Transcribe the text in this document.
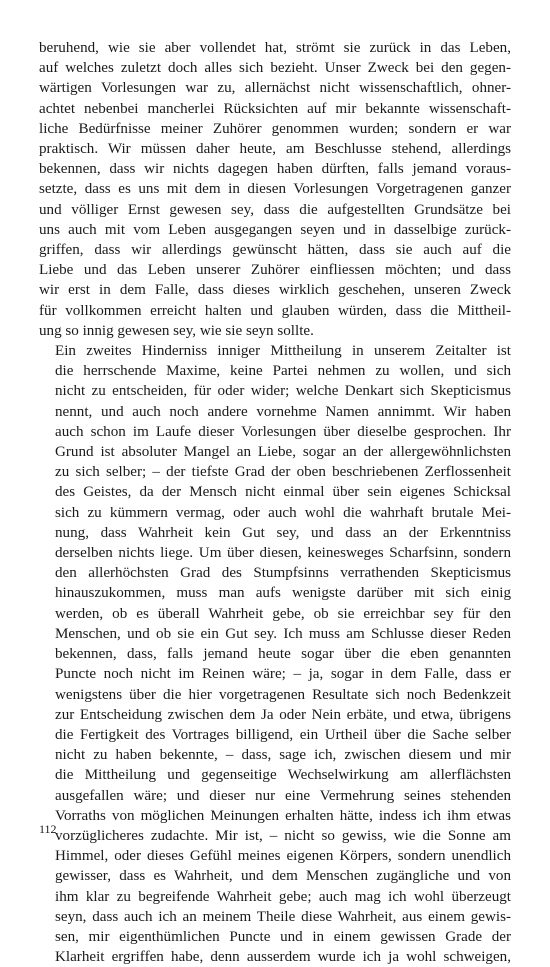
beruhend, wie sie aber vollendet hat, strömt sie zurück in das Leben,
auf welches zuletzt doch alles sich bezieht. Unser Zweck bei den gegen-
wärtigen Vorlesungen war zu, allernächst nicht wissenschaftlich, ohner-
achtet nebenbei mancherlei Rücksichten auf mir bekannte wissenschaft-
liche Bedürfnisse meiner Zuhörer genommen wurden; sondern er war
praktisch. Wir müssen daher heute, am Beschlusse stehend, allerdings
bekennen, dass wir nichts dagegen haben dürften, falls jemand voraus-
setzte, dass es uns mit dem in diesen Vorlesungen Vorgetragenen ganzer
und völliger Ernst gewesen sey, dass die aufgestellten Grundsätze bei
uns auch mit vom Leben ausgegangen seyen und in dasselbige zurück-
griffen, dass wir allerdings gewünscht hätten, dass sie auch auf die
Liebe und das Leben unserer Zuhörer einfliessen möchten; und dass
wir erst in dem Falle, dass dieses wirklich geschehen, unseren Zweck
für vollkommen erreicht halten und glauben würden, dass die Mittheil-
ung so innig gewesen sey, wie sie seyn sollte.

Ein zweites Hinderniss inniger Mittheilung in unserem Zeitalter ist
die herrschende Maxime, keine Partei nehmen zu wollen, und sich
nicht zu entscheiden, für oder wider; welche Denkart sich Skepticismus
nennt, und auch noch andere vornehme Namen annimmt. Wir haben
auch schon im Laufe dieser Vorlesungen über dieselbe gesprochen. Ihr
Grund ist absoluter Mangel an Liebe, sogar an der allergewöhnlichsten
zu sich selber; – der tiefste Grad der oben beschriebenen Zerflossenheit
des Geistes, da der Mensch nicht einmal über sein eigenes Schicksal
sich zu kümmern vermag, oder auch wohl die wahrhaft brutale Mei-
nung, dass Wahrheit kein Gut sey, und dass an der Erkenntniss
derselben nichts liege. Um über diesen, keinesweges Scharfsinn, sondern
den allerhöchsten Grad des Stumpfsinns verrathenden Skepticismus
hinauszukommen, muss man aufs wenigste darüber mit sich einig
werden, ob es überall Wahrheit gebe, ob sie erreichbar sey für den
Menschen, und ob sie ein Gut sey. Ich muss am Schlusse dieser Reden
bekennen, dass, falls jemand heute sogar über die eben genannten
Puncte noch nicht im Reinen wäre; – ja, sogar in dem Falle, dass er
wenigstens über die hier vorgetragenen Resultate sich noch Bedenkzeit
zur Entscheidung zwischen dem Ja oder Nein erbäte, und etwa, übrigens
die Fertigkeit des Vortrages billigend, ein Urtheil über die Sache selber
nicht zu haben bekennte, – dass, sage ich, zwischen diesem und mir
die Mittheilung und gegenseitige Wechselwirkung am allerflächsten
ausgefallen wäre; und dieser nur eine Vermehrung seines stehenden
Vorraths von möglichen Meinungen erhalten hätte, indess ich ihm etwas
vorzüglicheres zudachte. Mir ist, – nicht so gewiss, wie die Sonne am
Himmel, oder dieses Gefühl meines eigenen Körpers, sondern unendlich
gewisser, dass es Wahrheit, und dem Menschen zugängliche und von
ihm klar zu begreifende Wahrheit gebe; auch mag ich wohl überzeugt
seyn, dass auch ich an meinem Theile diese Wahrheit, aus einem gewis-
sen, mir eigenthümlichen Puncte und in einem gewissen Grade der
Klarheit ergriffen habe, denn ausserdem wurde ich ja wohl schweigen,

112
